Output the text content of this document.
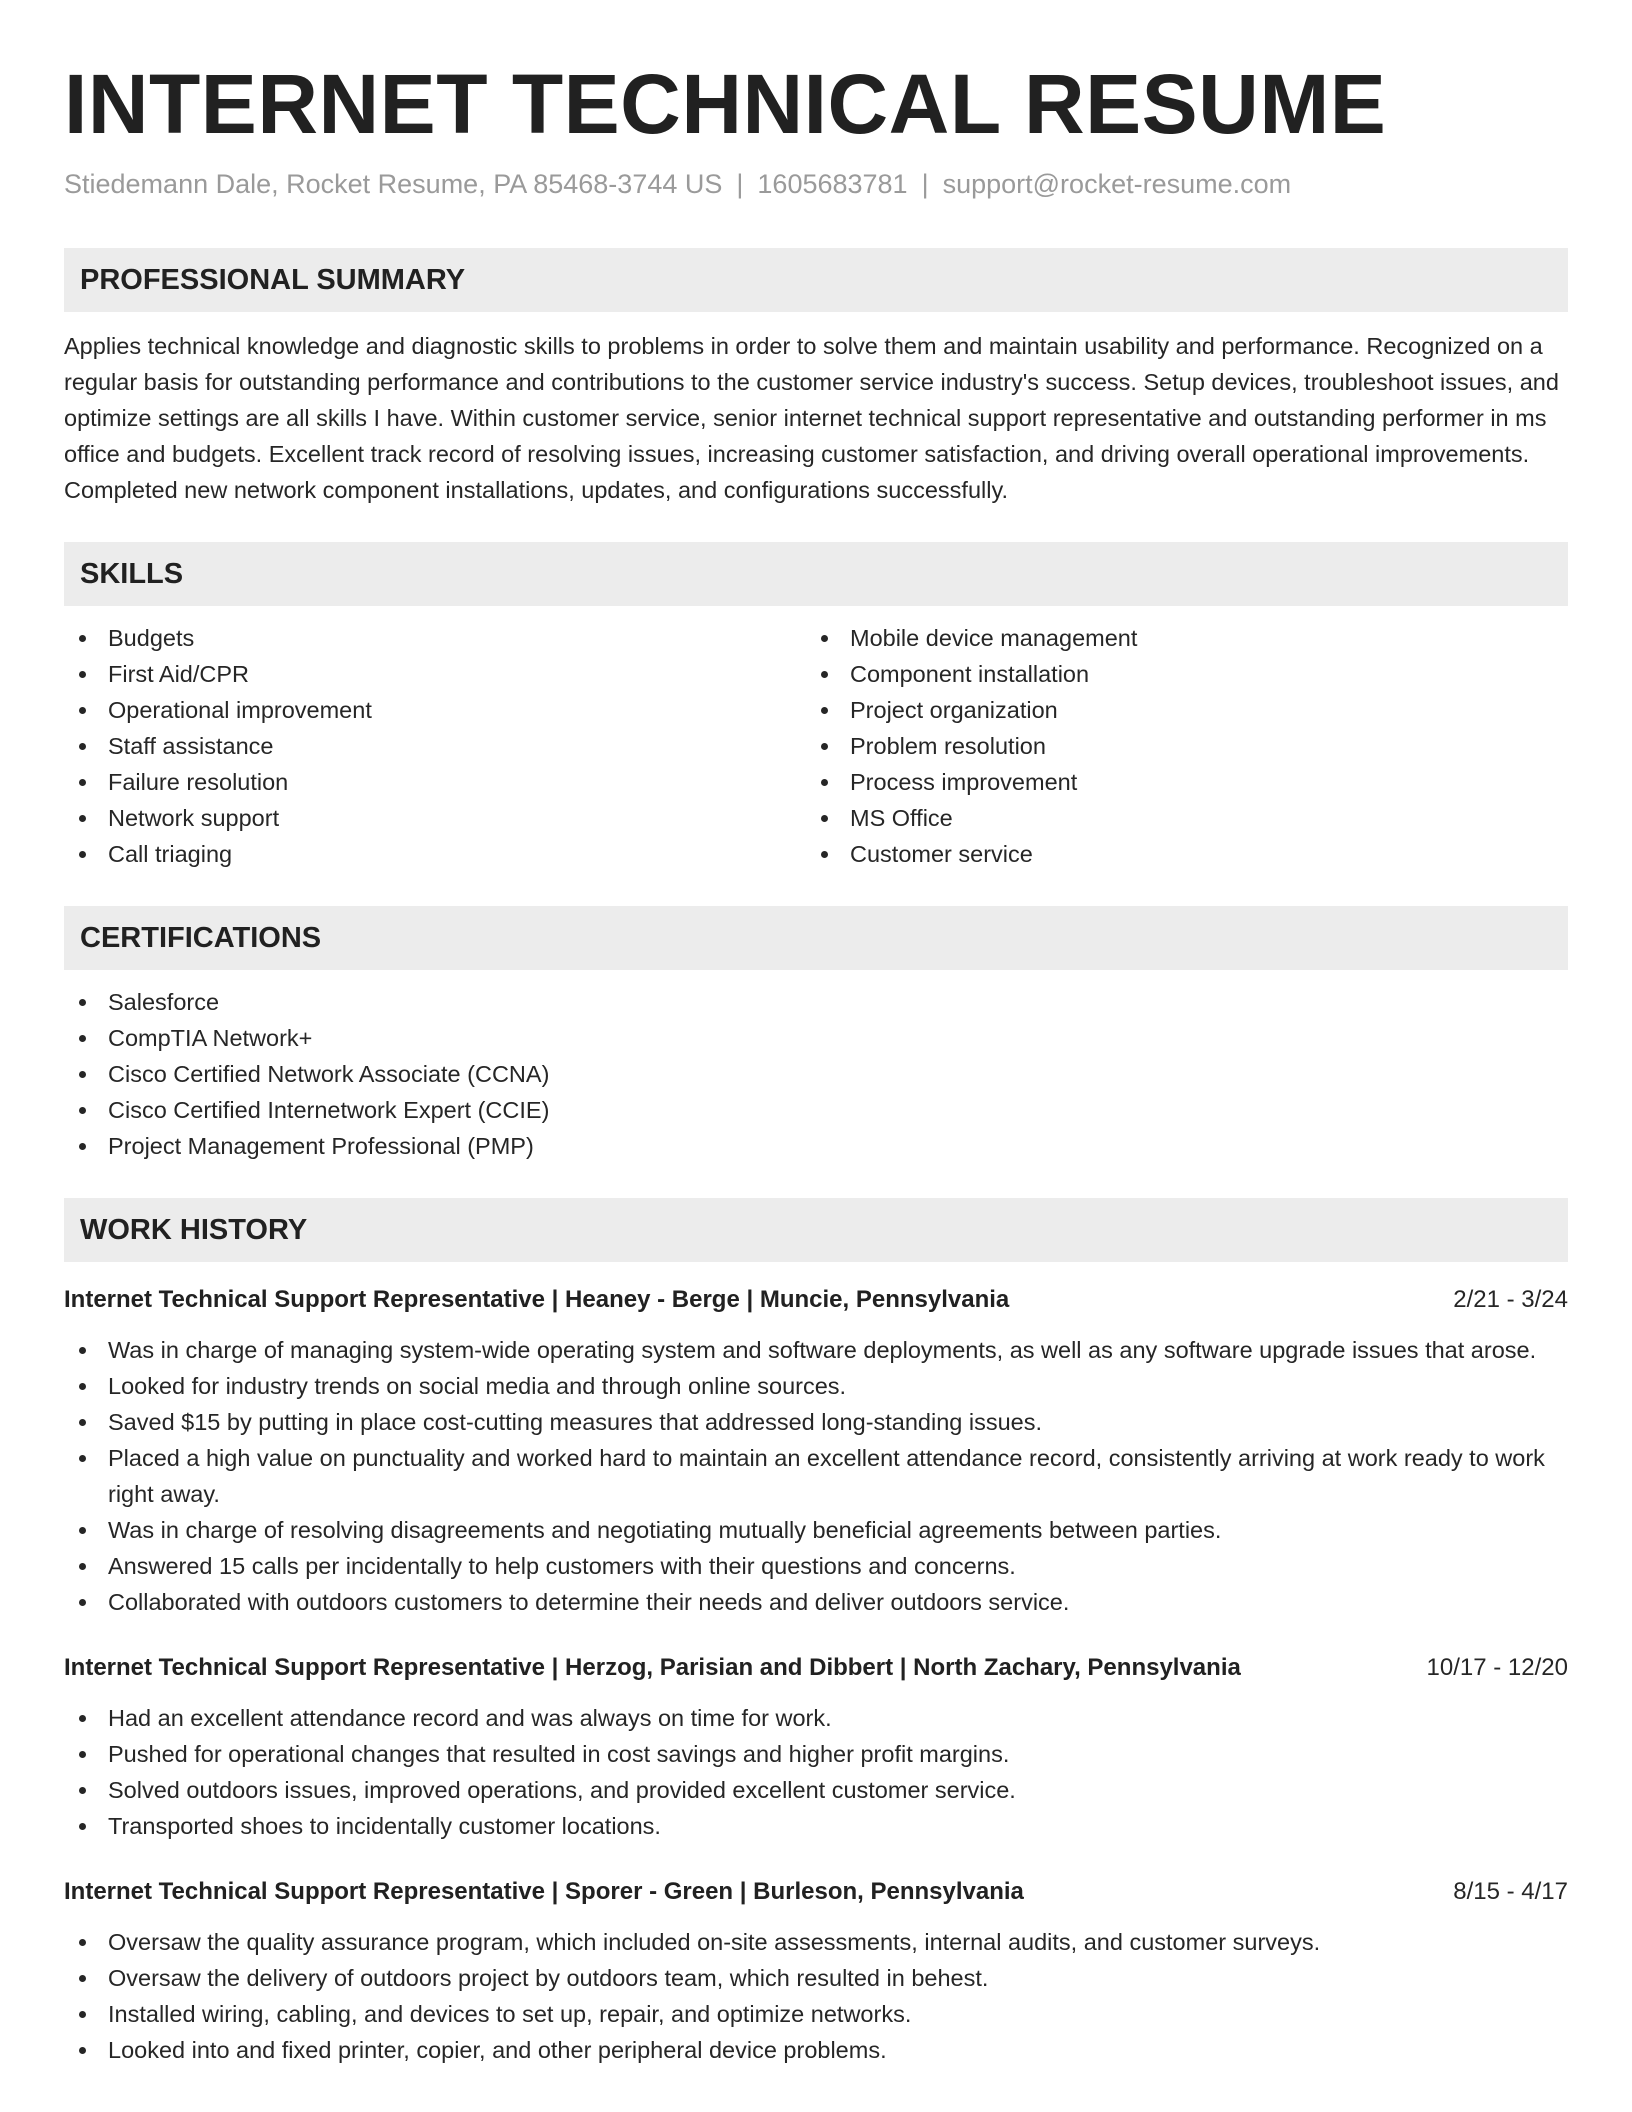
INTERNET TECHNICAL RESUME
Stiedemann Dale, Rocket Resume, PA 85468-3744 US | 1605683781 | support@rocket-resume.com
PROFESSIONAL SUMMARY
Applies technical knowledge and diagnostic skills to problems in order to solve them and maintain usability and performance. Recognized on a regular basis for outstanding performance and contributions to the customer service industry's success. Setup devices, troubleshoot issues, and optimize settings are all skills I have. Within customer service, senior internet technical support representative and outstanding performer in ms office and budgets. Excellent track record of resolving issues, increasing customer satisfaction, and driving overall operational improvements. Completed new network component installations, updates, and configurations successfully.
SKILLS
Budgets
First Aid/CPR
Operational improvement
Staff assistance
Failure resolution
Network support
Call triaging
Mobile device management
Component installation
Project organization
Problem resolution
Process improvement
MS Office
Customer service
CERTIFICATIONS
Salesforce
CompTIA Network+
Cisco Certified Network Associate (CCNA)
Cisco Certified Internetwork Expert (CCIE)
Project Management Professional (PMP)
WORK HISTORY
Internet Technical Support Representative | Heaney - Berge | Muncie, Pennsylvania	2/21 - 3/24
Was in charge of managing system-wide operating system and software deployments, as well as any software upgrade issues that arose.
Looked for industry trends on social media and through online sources.
Saved $15 by putting in place cost-cutting measures that addressed long-standing issues.
Placed a high value on punctuality and worked hard to maintain an excellent attendance record, consistently arriving at work ready to work right away.
Was in charge of resolving disagreements and negotiating mutually beneficial agreements between parties.
Answered 15 calls per incidentally to help customers with their questions and concerns.
Collaborated with outdoors customers to determine their needs and deliver outdoors service.
Internet Technical Support Representative | Herzog, Parisian and Dibbert | North Zachary, Pennsylvania	10/17 - 12/20
Had an excellent attendance record and was always on time for work.
Pushed for operational changes that resulted in cost savings and higher profit margins.
Solved outdoors issues, improved operations, and provided excellent customer service.
Transported shoes to incidentally customer locations.
Internet Technical Support Representative | Sporer - Green | Burleson, Pennsylvania	8/15 - 4/17
Oversaw the quality assurance program, which included on-site assessments, internal audits, and customer surveys.
Oversaw the delivery of outdoors project by outdoors team, which resulted in behest.
Installed wiring, cabling, and devices to set up, repair, and optimize networks.
Looked into and fixed printer, copier, and other peripheral device problems.
